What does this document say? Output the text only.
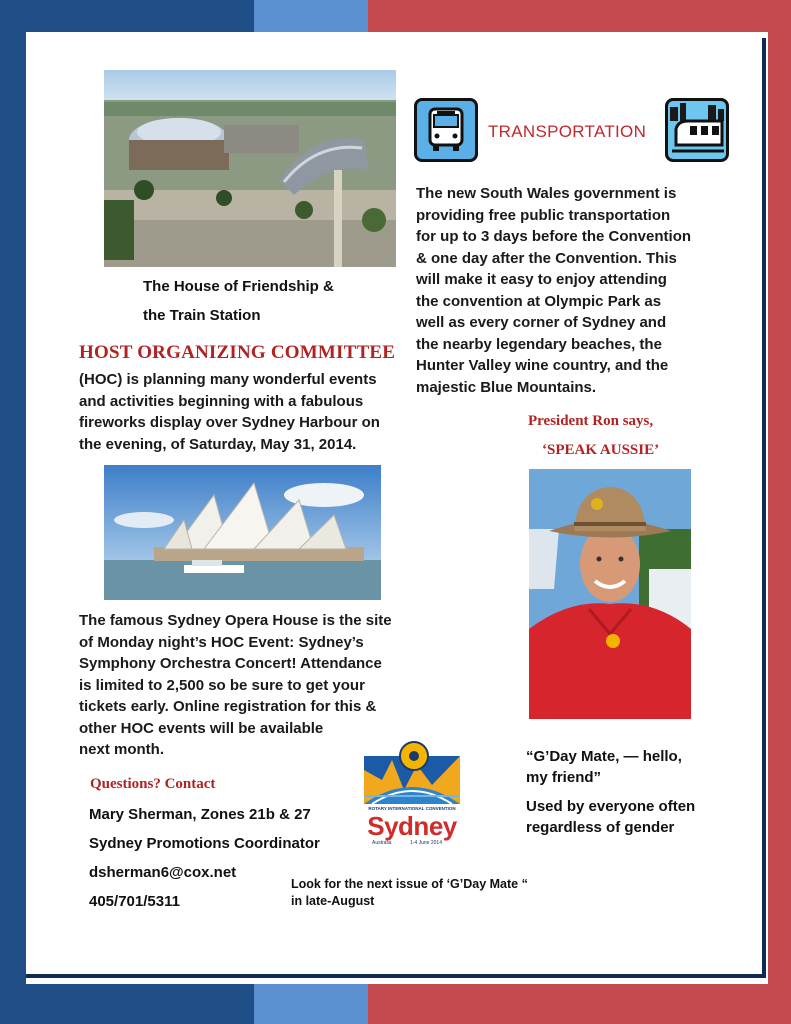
The House of Friendship &
the Train Station
HOST ORGANIZING COMMITTEE
(HOC) is planning many wonderful events
and activities beginning with a fabulous
fireworks display over Sydney Harbour on
the evening, of Saturday, May 31, 2014.
The famous Sydney Opera House is the site
of Monday night’s HOC Event: Sydney’s
Symphony Orchestra Concert! Attendance
is limited to 2,500 so be sure to get your
tickets early. Online registration for this &
other HOC events will be available
next month.
Questions? Contact
Mary Sherman, Zones 21b & 27
Sydney Promotions Coordinator
dsherman6@cox.net
405/701/5311
ROTARY INTERNATIONAL CONVENTION
Sydney
Australia	1-4 June 2014
Look for the next issue of ‘G’Day Mate “
in late-August
TRANSPORTATION
The new South Wales government is
providing free public transportation
for up to 3 days before the Convention
& one day after the Convention. This
will make it easy to enjoy attending
the convention at Olympic Park as
well as every corner of Sydney and
the nearby legendary beaches, the
Hunter Valley wine country, and the
majestic Blue Mountains.
President Ron says,
‘SPEAK AUSSIE’
“G’Day Mate, — hello,
my friend”
Used by everyone often
regardless of gender
